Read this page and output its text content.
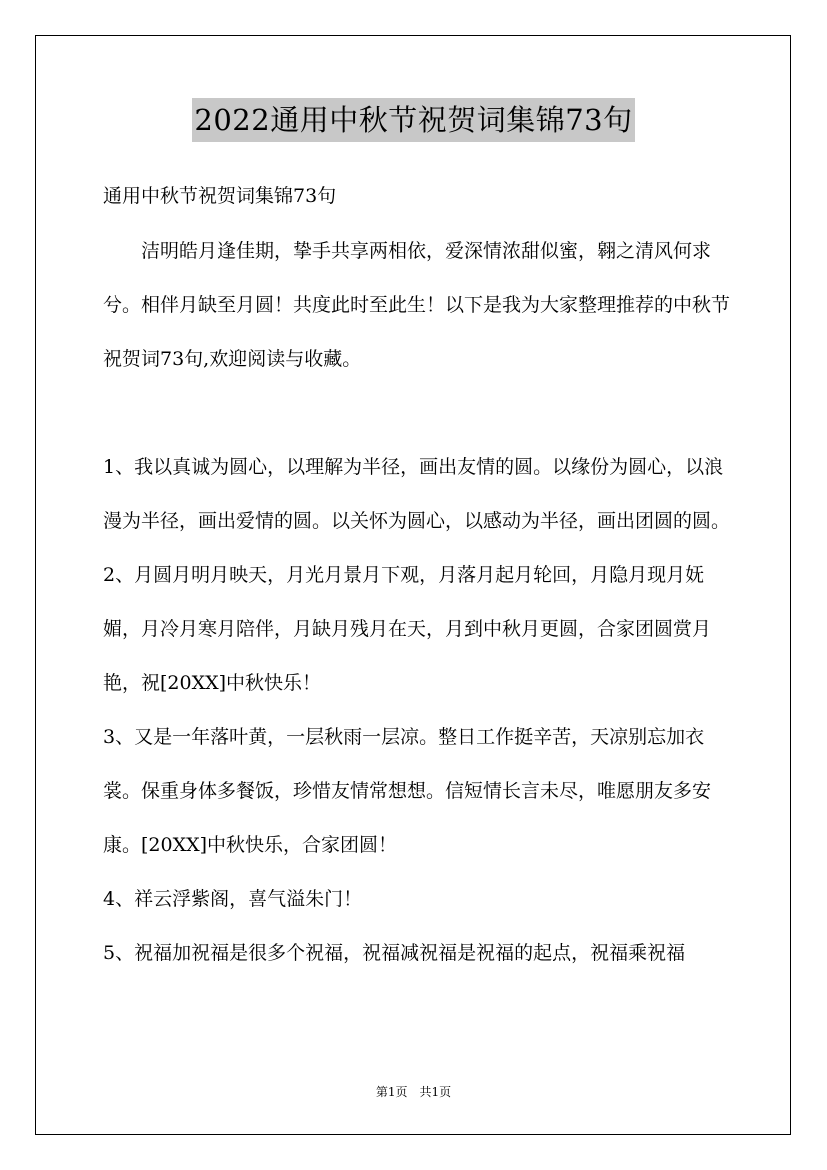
2022通用中秋节祝贺词集锦73句

通用中秋节祝贺词集锦73句

洁明皓月逢佳期，挚手共享两相依，爱深情浓甜似蜜，翱之清风何求兮。相伴月缺至月圆！共度此时至此生！以下是我为大家整理推荐的中秋节祝贺词73句,欢迎阅读与收藏。

1、我以真诚为圆心，以理解为半径，画出友情的圆。以缘份为圆心，以浪漫为半径，画出爱情的圆。以关怀为圆心，以感动为半径，画出团圆的圆。

2、月圆月明月映天，月光月景月下观，月落月起月轮回，月隐月现月妩媚，月冷月寒月陪伴，月缺月残月在天，月到中秋月更圆，合家团圆赏月艳，祝[20XX]中秋快乐！

3、又是一年落叶黄，一层秋雨一层凉。整日工作挺辛苦，天凉别忘加衣裳。保重身体多餐饭，珍惜友情常想想。信短情长言未尽，唯愿朋友多安康。[20XX]中秋快乐，合家团圆！

4、祥云浮紫阁，喜气溢朱门！

5、祝福加祝福是很多个祝福，祝福减祝福是祝福的起点，祝福乘祝福

第1页　共1页
